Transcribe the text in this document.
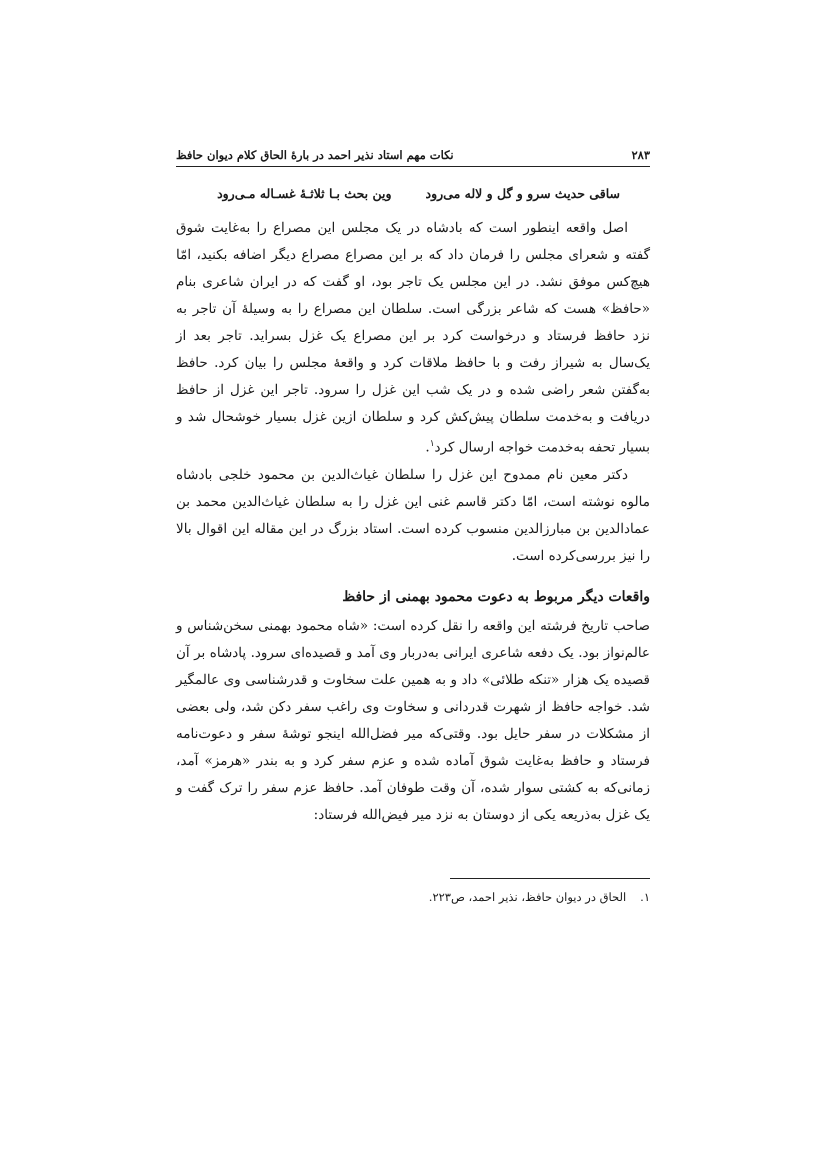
۲۸۳
نکات مهم استاد نذیر احمد در بارۀ الحاق کلام دیوان حافظ
ساقی حدیث سرو و گل و لاله می‌رود
وین بحث بـا ثلاثـۀ غسـاله مـی‌رود

اصل واقعه اینطور است که بادشاه در یک مجلس این مصراع را به‌غایت شوق گفته و شعرای مجلس را فرمان داد که بر این مصراع مصراع دیگر اضافه بکنید، امّا هیچ‌کس موفق نشد. در این مجلس یک تاجر بود، او گفت که در ایران شاعری بنام «حافظ» هست که شاعر بزرگی است. سلطان این مصراع را به وسیلۀ آن تاجر به نزد حافظ فرستاد و درخواست کرد بر این مصراع یک غزل بسراید. تاجر بعد از یک‌سال به شیراز رفت و با حافظ ملاقات کرد و واقعۀ مجلس را بیان کرد. حافظ به‌گفتن شعر راضی شده و در یک شب این غزل را سرود. تاجر این غزل از حافظ دریافت و به‌خدمت سلطان پیش‌کش کرد و سلطان ازین غزل بسیار خوشحال شد و بسیار تحفه به‌خدمت خواجه ارسال کرد$^۱$.

دکتر معین نام ممدوح این غزل را سلطان غیاث‌الدین بن محمود خلجی بادشاه مالوه نوشته است، امّا دکتر قاسم غنی این غزل را به سلطان غیاث‌الدین محمد بن عمادالدین بن مبارزالدین منسوب کرده است. استاد بزرگ در این مقاله این اقوال بالا را نیز بررسی‌کرده است.

واقعات دیگر مربوط به دعوت محمود بهمنی از حافظ

صاحب تاریخ فرشته این واقعه را نقل کرده است: «شاه محمود بهمنی سخن‌شناس و عالم‌نواز بود. یک دفعه شاعری ایرانی به‌دربار وی آمد و قصیده‌ای سرود. پادشاه بر آن قصیده یک هزار «تنکه طلائی» داد و به همین علت سخاوت و قدرشناسی وی عالمگیر شد. خواجه حافظ از شهرت قدردانی و سخاوت وی راغب سفر دکن شد، ولی بعضی از مشکلات در سفر حایل بود. وقتی‌که میر فضل‌الله اینجو توشۀ سفر و دعوت‌نامه فرستاد و حافظ به‌غایت شوق آماده شده و عزم سفر کرد و به بندر «هرمز» آمد، زمانی‌که به کشتی سوار شده، آن وقت طوفان آمد. حافظ عزم سفر را ترک گفت و یک غزل به‌ذریعه یکی از دوستان به نزد میر فیض‌الله فرستاد:

۱.
الحاق در دیوان حافظ، نذیر احمد، ص۲۲۳.
